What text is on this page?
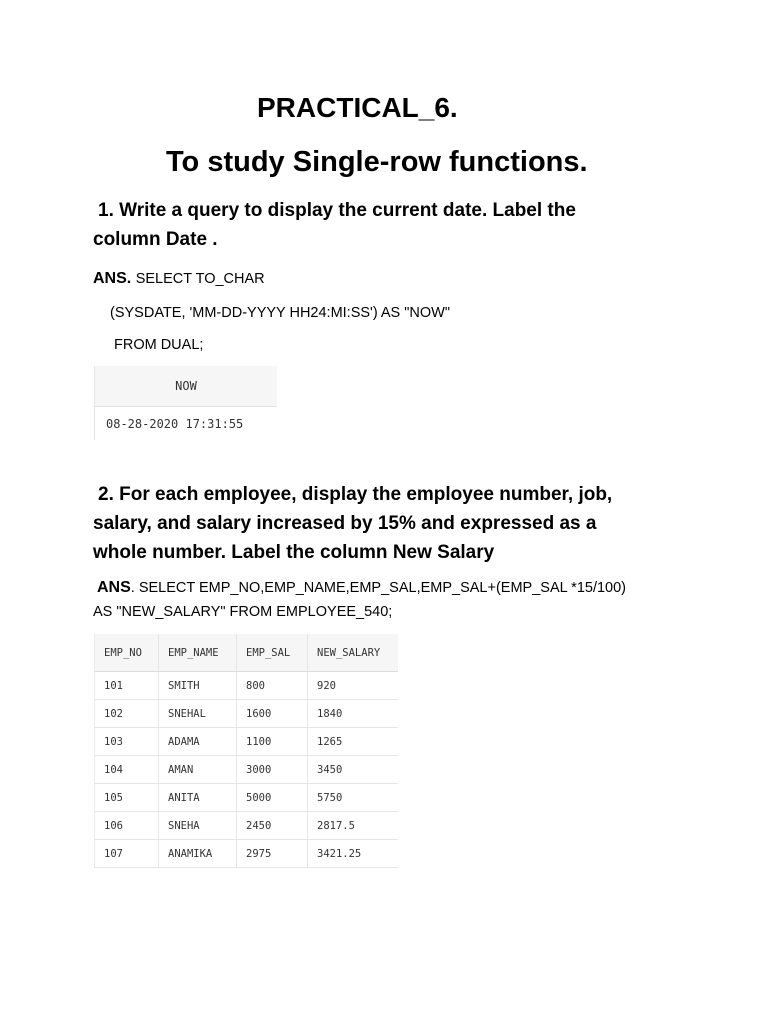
PRACTICAL_6.
To study Single-row functions.
1. Write a query to display the current date. Label the
column Date .
ANS. SELECT TO_CHAR
(SYSDATE, 'MM-DD-YYYY HH24:MI:SS') AS "NOW"
FROM DUAL;
NOW
08-28-2020 17:31:55
2. For each employee, display the employee number, job,
salary, and salary increased by 15% and expressed as a
whole number. Label the column New Salary
ANS. SELECT EMP_NO,EMP_NAME,EMP_SAL,EMP_SAL+(EMP_SAL *15/100)
AS "NEW_SALARY" FROM EMPLOYEE_540;
EMP_NO	EMP_NAME	EMP_SAL	NEW_SALARY
101	SMITH	800	920
102	SNEHAL	1600	1840
103	ADAMA	1100	1265
104	AMAN	3000	3450
105	ANITA	5000	5750
106	SNEHA	2450	2817.5
107	ANAMIKA	2975	3421.25
